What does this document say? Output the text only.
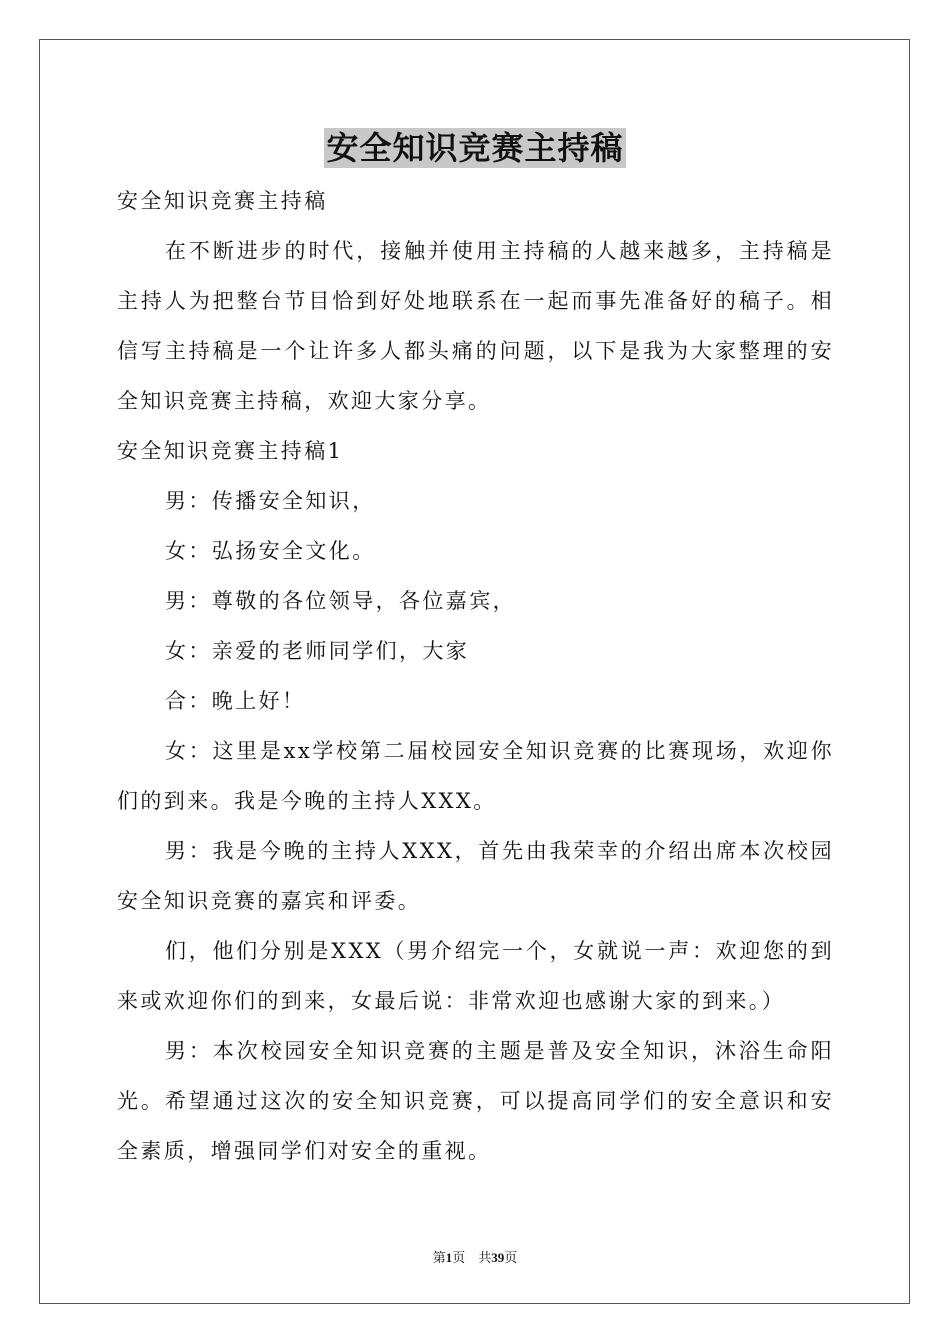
安全知识竞赛主持稿

安全知识竞赛主持稿

在不断进步的时代，接触并使用主持稿的人越来越多，主持稿是主持人为把整台节目恰到好处地联系在一起而事先准备好的稿子。相信写主持稿是一个让许多人都头痛的问题，以下是我为大家整理的安全知识竞赛主持稿，欢迎大家分享。

安全知识竞赛主持稿1

男：传播安全知识，

女：弘扬安全文化。

男：尊敬的各位领导，各位嘉宾，

女：亲爱的老师同学们，大家

合：晚上好！

女：这里是xx学校第二届校园安全知识竞赛的比赛现场，欢迎你们的到来。我是今晚的主持人XXX。

男：我是今晚的主持人XXX，首先由我荣幸的介绍出席本次校园安全知识竞赛的嘉宾和评委。

们，他们分别是XXX（男介绍完一个，女就说一声：欢迎您的到来或欢迎你们的到来，女最后说：非常欢迎也感谢大家的到来。）

男：本次校园安全知识竞赛的主题是普及安全知识，沐浴生命阳光。希望通过这次的安全知识竞赛，可以提高同学们的安全意识和安全素质，增强同学们对安全的重视。

第1页　共39页
